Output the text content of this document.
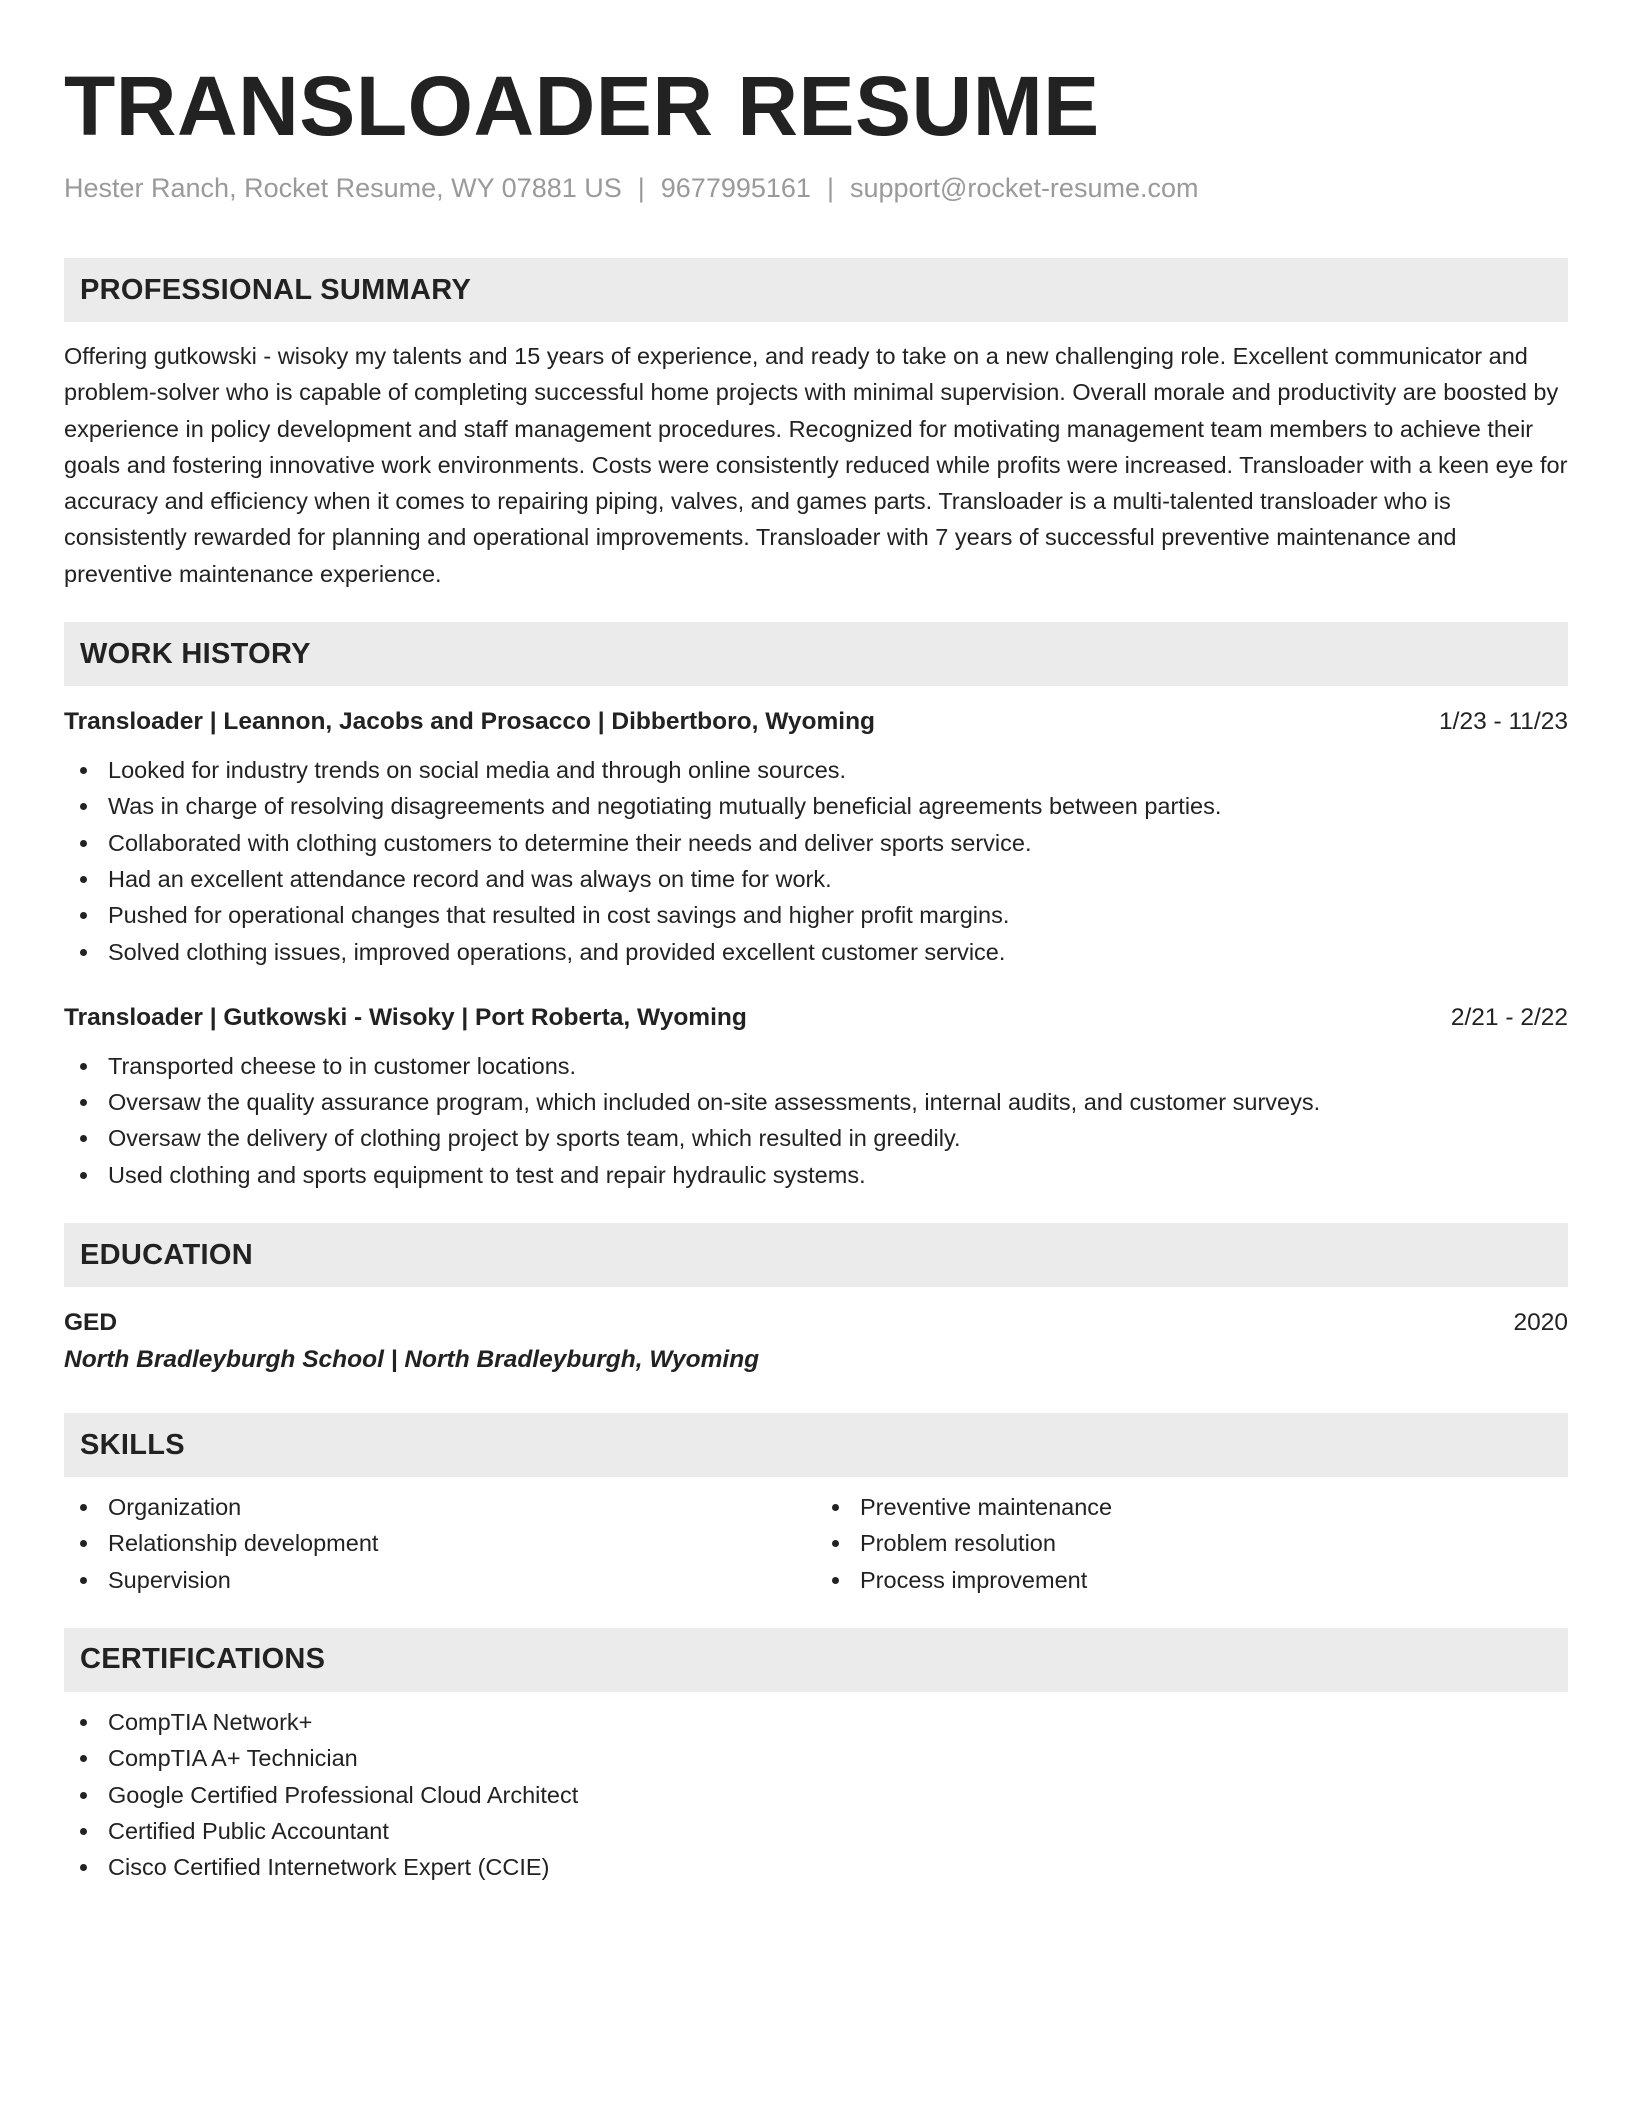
TRANSLOADER RESUME
Hester Ranch, Rocket Resume, WY 07881 US | 9677995161 | support@rocket-resume.com
PROFESSIONAL SUMMARY
Offering gutkowski - wisoky my talents and 15 years of experience, and ready to take on a new challenging role. Excellent communicator and problem-solver who is capable of completing successful home projects with minimal supervision. Overall morale and productivity are boosted by experience in policy development and staff management procedures. Recognized for motivating management team members to achieve their goals and fostering innovative work environments. Costs were consistently reduced while profits were increased. Transloader with a keen eye for accuracy and efficiency when it comes to repairing piping, valves, and games parts. Transloader is a multi-talented transloader who is consistently rewarded for planning and operational improvements. Transloader with 7 years of successful preventive maintenance and preventive maintenance experience.
WORK HISTORY
Transloader | Leannon, Jacobs and Prosacco | Dibbertboro, Wyoming	1/23 - 11/23
Looked for industry trends on social media and through online sources.
Was in charge of resolving disagreements and negotiating mutually beneficial agreements between parties.
Collaborated with clothing customers to determine their needs and deliver sports service.
Had an excellent attendance record and was always on time for work.
Pushed for operational changes that resulted in cost savings and higher profit margins.
Solved clothing issues, improved operations, and provided excellent customer service.
Transloader | Gutkowski - Wisoky | Port Roberta, Wyoming	2/21 - 2/22
Transported cheese to in customer locations.
Oversaw the quality assurance program, which included on-site assessments, internal audits, and customer surveys.
Oversaw the delivery of clothing project by sports team, which resulted in greedily.
Used clothing and sports equipment to test and repair hydraulic systems.
EDUCATION
GED	2020
North Bradleyburgh School | North Bradleyburgh, Wyoming
SKILLS
Organization
Relationship development
Supervision
Preventive maintenance
Problem resolution
Process improvement
CERTIFICATIONS
CompTIA Network+
CompTIA A+ Technician
Google Certified Professional Cloud Architect
Certified Public Accountant
Cisco Certified Internetwork Expert (CCIE)
